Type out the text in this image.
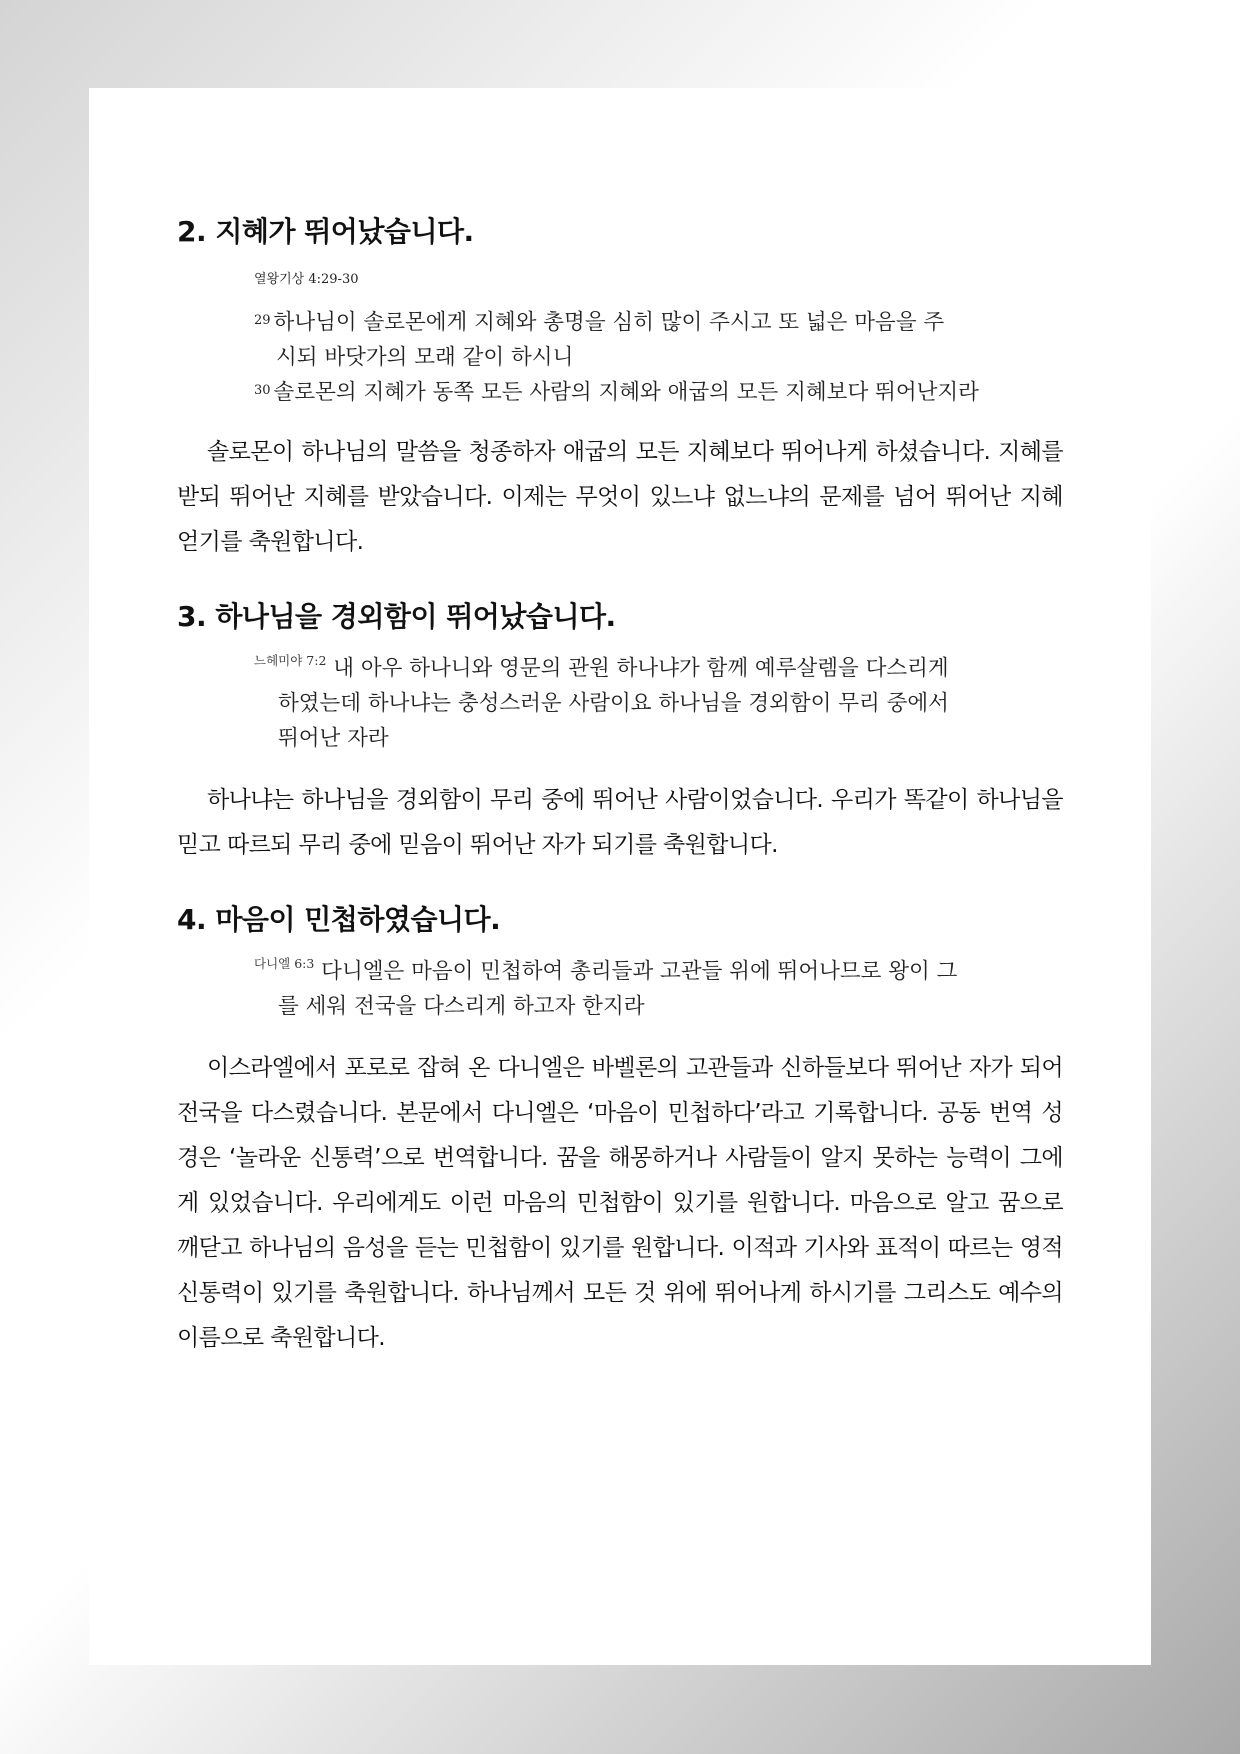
2. 지혜가 뛰어났습니다.
열왕기상 4:29-30
$^{29}$ 하나님이 솔로몬에게 지혜와 총명을 심히 많이 주시고 또 넓은 마음을 주
시되 바닷가의 모래 같이 하시니
$^{30}$ 솔로몬의 지혜가 동쪽 모든 사람의 지혜와 애굽의 모든 지혜보다 뛰어난지라

솔로몬이 하나님의 말씀을 청종하자 애굽의 모든 지혜보다 뛰어나게 하셨습니다. 지혜를 받되 뛰어난 지혜를 받았습니다. 이제는 무엇이 있느냐 없느냐의 문제를 넘어 뛰어난 지혜 얻기를 축원합니다.

3. 하나님을 경외함이 뛰어났습니다.
$^{느헤미야 7:2}$ 내 아우 하나니와 영문의 관원 하나냐가 함께 예루살렘을 다스리게
하였는데 하나냐는 충성스러운 사람이요 하나님을 경외함이 무리 중에서
뛰어난 자라

하나냐는 하나님을 경외함이 무리 중에 뛰어난 사람이었습니다. 우리가 똑같이 하나님을 믿고 따르되 무리 중에 믿음이 뛰어난 자가 되기를 축원합니다.

4. 마음이 민첩하였습니다.
$^{다니엘 6:3}$ 다니엘은 마음이 민첩하여 총리들과 고관들 위에 뛰어나므로 왕이 그
를 세워 전국을 다스리게 하고자 한지라

이스라엘에서 포로로 잡혀 온 다니엘은 바벨론의 고관들과 신하들보다 뛰어난 자가 되어 전국을 다스렸습니다. 본문에서 다니엘은 ‘마음이 민첩하다’라고 기록합니다. 공동 번역 성경은 ‘놀라운 신통력’으로 번역합니다. 꿈을 해몽하거나 사람들이 알지 못하는 능력이 그에게 있었습니다. 우리에게도 이런 마음의 민첩함이 있기를 원합니다. 마음으로 알고 꿈으로 깨닫고 하나님의 음성을 듣는 민첩함이 있기를 원합니다. 이적과 기사와 표적이 따르는 영적 신통력이 있기를 축원합니다. 하나님께서 모든 것 위에 뛰어나게 하시기를 그리스도 예수의 이름으로 축원합니다.
